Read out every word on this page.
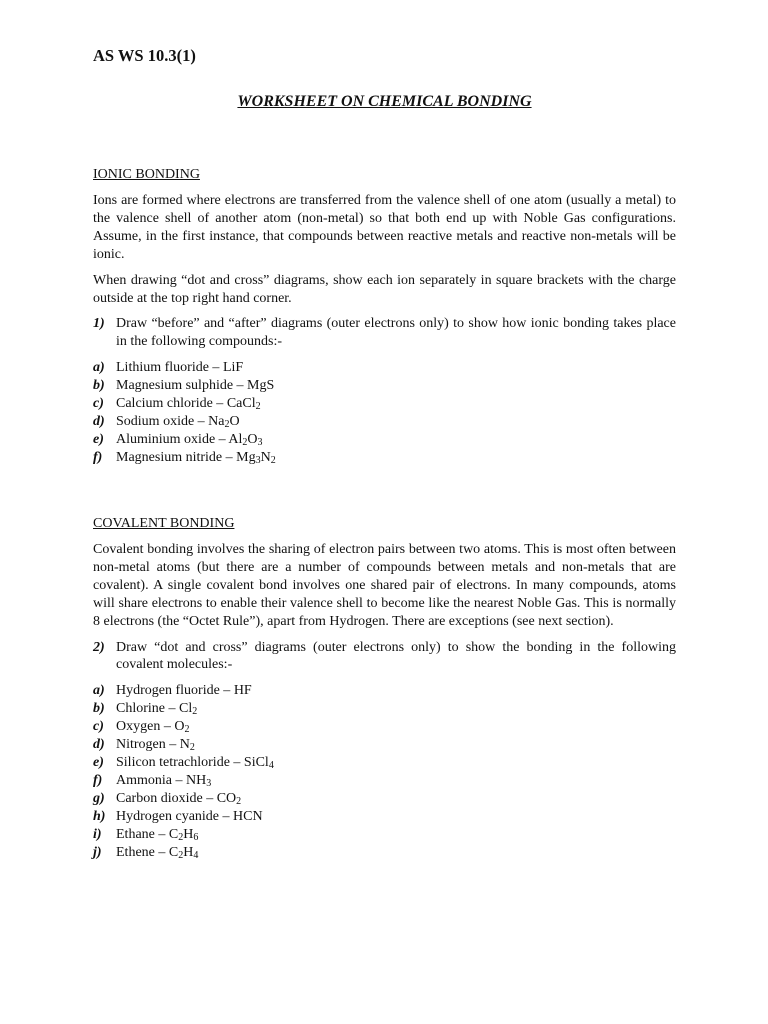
AS WS 10.3(1)
WORKSHEET ON CHEMICAL BONDING
IONIC BONDING

Ions are formed where electrons are transferred from the valence shell of one atom (usually a metal) to the valence shell of another atom (non-metal) so that both end up with Noble Gas configurations. Assume, in the first instance, that compounds between reactive metals and reactive non-metals will be ionic.

When drawing “dot and cross” diagrams, show each ion separately in square brackets with the charge outside at the top right hand corner.

1) Draw “before” and “after” diagrams (outer electrons only) to show how ionic bonding takes place in the following compounds:-
a) Lithium fluoride – LiF
b) Magnesium sulphide – MgS
c) Calcium chloride – CaCl$_2$
d) Sodium oxide – $Na_2O$
e) Aluminium oxide – $Al_2O_3$
f) Magnesium nitride – $Mg_3N_2$
COVALENT BONDING

Covalent bonding involves the sharing of electron pairs between two atoms. This is most often between non-metal atoms (but there are a number of compounds between metals and non-metals that are covalent). A single covalent bond involves one shared pair of electrons. In many compounds, atoms will share electrons to enable their valence shell to become like the nearest Noble Gas. This is normally 8 electrons (the “Octet Rule”), apart from Hydrogen. There are exceptions (see next section).

2) Draw “dot and cross” diagrams (outer electrons only) to show the bonding in the following covalent molecules:-
a) Hydrogen fluoride – HF
b) Chlorine – $Cl_2$
c) Oxygen – $O_2$
d) Nitrogen – $N_2$
e) Silicon tetrachloride – SiCl$_4$
f) Ammonia – $NH_3$
g) Carbon dioxide – $CO_2$
h) Hydrogen cyanide – HCN
i)	Ethane – $C_2H_6$
j)	Ethene – $C_2H_4$
